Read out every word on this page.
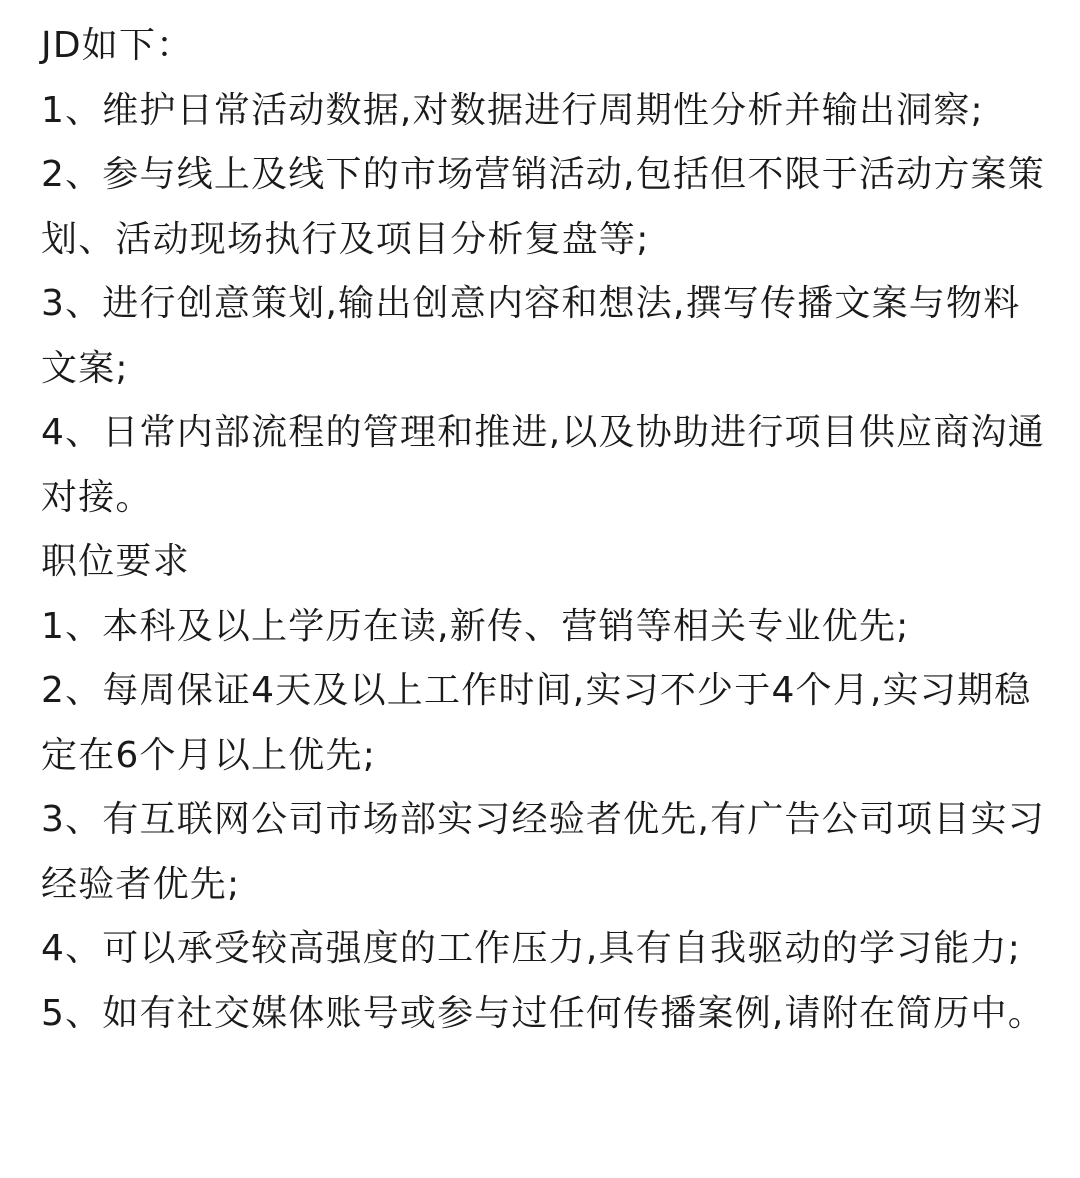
JD如下：

1、维护日常活动数据,对数据进行周期性分析并输出洞察;

2、参与线上及线下的市场营销活动,包括但不限于活动方案策划、活动现场执行及项目分析复盘等;

3、进行创意策划,输出创意内容和想法,撰写传播文案与物料文案;

4、日常内部流程的管理和推进,以及协助进行项目供应商沟通对接。

职位要求

1、本科及以上学历在读,新传、营销等相关专业优先;

2、每周保证4天及以上工作时间,实习不少于4个月,实习期稳定在6个月以上优先;

3、有互联网公司市场部实习经验者优先,有广告公司项目实习经验者优先;

4、可以承受较高强度的工作压力,具有自我驱动的学习能力;

5、如有社交媒体账号或参与过任何传播案例,请附在简历中。
